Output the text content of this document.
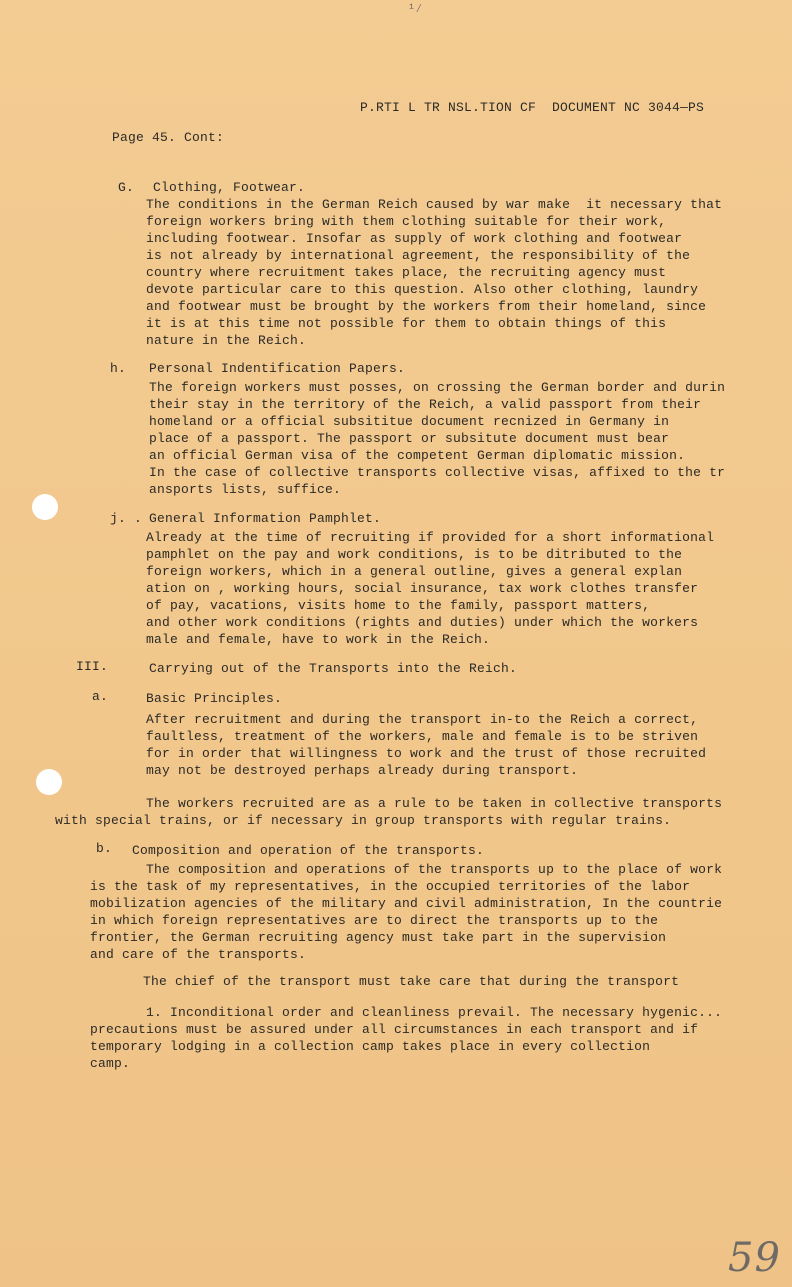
¹⁄
P.RTI L TR NSL.TION CF  DOCUMENT NC 3044—PS
Page 45. Cont:
G. Clothing, Footwear.
The conditions in the German Reich caused by war make  it necessary that
foreign workers bring with them clothing suitable for their work,
including footwear. Insofar as supply of work clothing and footwear
is not already by international agreement, the responsibility of the
country where recruitment takes place, the recruiting agency must
devote particular care to this question. Also other clothing, laundry
and footwear must be brought by the workers from their homeland, since
it is at this time not possible for them to obtain things of this
nature in the Reich.
h. Personal Indentification Papers.
The foreign workers must posses, on crossing the German border and durin
their stay in the territory of the Reich, a valid passport from their
homeland or a official subsititue document recnized in Germany in
place of a passport. The passport or subsitute document must bear
an official German visa of the competent German diplomatic mission.
In the case of collective transports collective visas, affixed to the tr
ansports lists, suffice.
j. . General Information Pamphlet.
Already at the time of recruiting if provided for a short informational
pamphlet on the pay and work conditions, is to be ditributed to the
foreign workers, which in a general outline, gives a general explan
ation on , working hours, social insurance, tax work clothes transfer
of pay, vacations, visits home to the family, passport matters,
and other work conditions (rights and duties) under which the workers
male and female, have to work in the Reich.
III.	Carrying out of the Transports into the Reich.
a.	Basic Principles.
After recruitment and during the transport in-to the Reich a correct,
faultless, treatment of the workers, male and female is to be striven
for in order that willingness to work and the trust of those recruited
may not be destroyed perhaps already during transport.
The workers recruited are as a rule to be taken in collective transports
with special trains, or if necessary in group transports with regular trains.
b. Composition and operation of the transports.
The composition and operations of the transports up to the place of work
is the task of my representatives, in the occupied territories of the labor
mobilization agencies of the military and civil administration, In the countrie
in which foreign representatives are to direct the transports up to the
frontier, the German recruiting agency must take part in the supervision
and care of the transports.
The chief of the transport must take care that during the transport
1. Inconditional order and cleanliness prevail. The necessary hygenic...
precautions must be assured under all circumstances in each transport and if
temporary lodging in a collection camp takes place in every collection
camp.
59
